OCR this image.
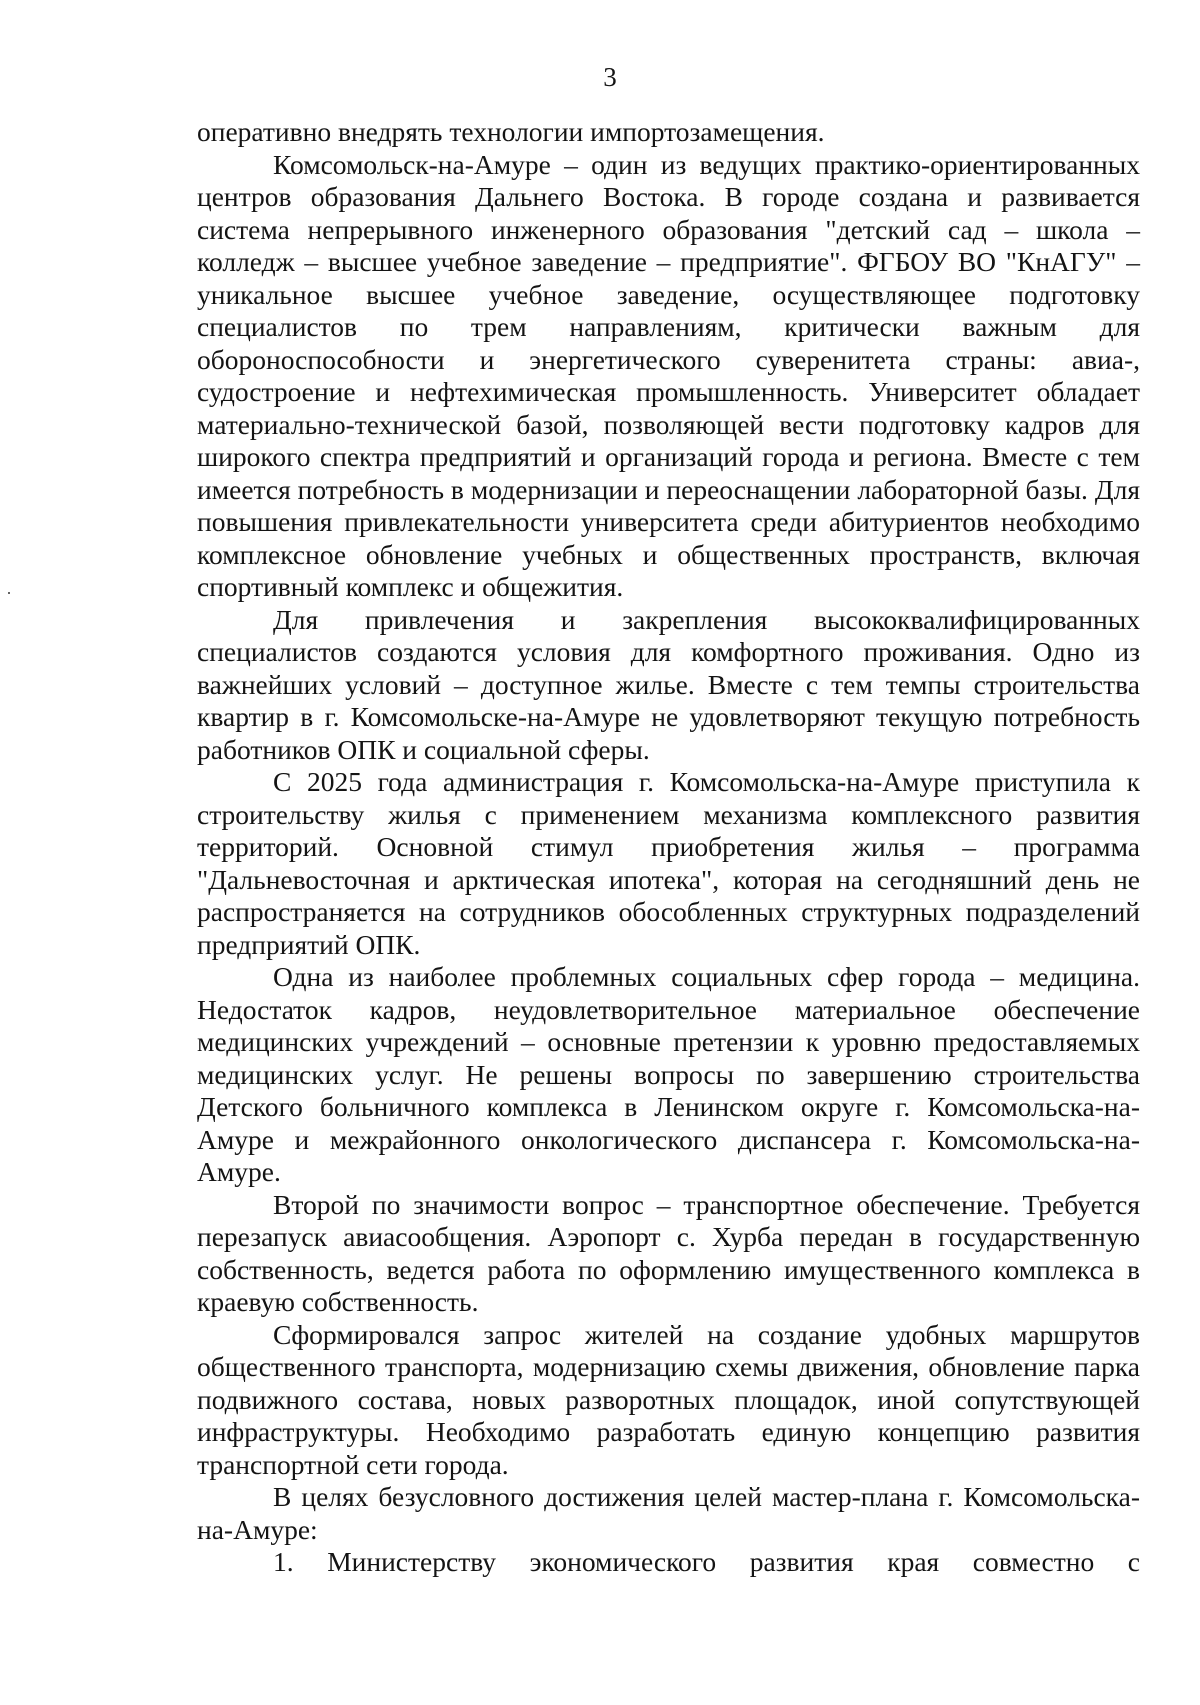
3

оперативно внедрять технологии импортозамещения.

Комсомольск-на-Амуре – один из ведущих практико-ориентированных центров образования Дальнего Востока. В городе создана и развивается система непрерывного инженерного образования "детский сад – школа – колледж – высшее учебное заведение – предприятие". ФГБОУ ВО "КнАГУ" – уникальное высшее учебное заведение, осуществляющее подготовку специалистов по трем направлениям, критически важным для обороноспособности и энергетического суверенитета страны: авиа-, судостроение и нефтехимическая промышленность. Университет обладает материально-технической базой, позволяющей вести подготовку кадров для широкого спектра предприятий и организаций города и региона. Вместе с тем имеется потребность в модернизации и переоснащении лабораторной базы. Для повышения привлекательности университета среди абитуриентов необходимо комплексное обновление учебных и общественных пространств, включая спортивный комплекс и общежития.

Для привлечения и закрепления высококвалифицированных специалистов создаются условия для комфортного проживания. Одно из важнейших условий – доступное жилье. Вместе с тем темпы строительства квартир в г. Комсомольске-на-Амуре не удовлетворяют текущую потребность работников ОПК и социальной сферы.

С 2025 года администрация г. Комсомольска-на-Амуре приступила к строительству жилья с применением механизма комплексного развития территорий. Основной стимул приобретения жилья – программа "Дальневосточная и арктическая ипотека", которая на сегодняшний день не распространяется на сотрудников обособленных структурных подразделений предприятий ОПК.

Одна из наиболее проблемных социальных сфер города – медицина. Недостаток кадров, неудовлетворительное материальное обеспечение медицинских учреждений – основные претензии к уровню предоставляемых медицинских услуг. Не решены вопросы по завершению строительства Детского больничного комплекса в Ленинском округе г. Комсомольска-на-Амуре и межрайонного онкологического диспансера г. Комсомольска-на-Амуре.

Второй по значимости вопрос – транспортное обеспечение. Требуется перезапуск авиасообщения. Аэропорт с. Хурба передан в государственную собственность, ведется работа по оформлению имущественного комплекса в краевую собственность.

Сформировался запрос жителей на создание удобных маршрутов общественного транспорта, модернизацию схемы движения, обновление парка подвижного состава, новых разворотных площадок, иной сопутствующей инфраструктуры. Необходимо разработать единую концепцию развития транспортной сети города.

В целях безусловного достижения целей мастер-плана г. Комсомольска-на-Амуре:

1. Министерству экономического развития края совместно с
